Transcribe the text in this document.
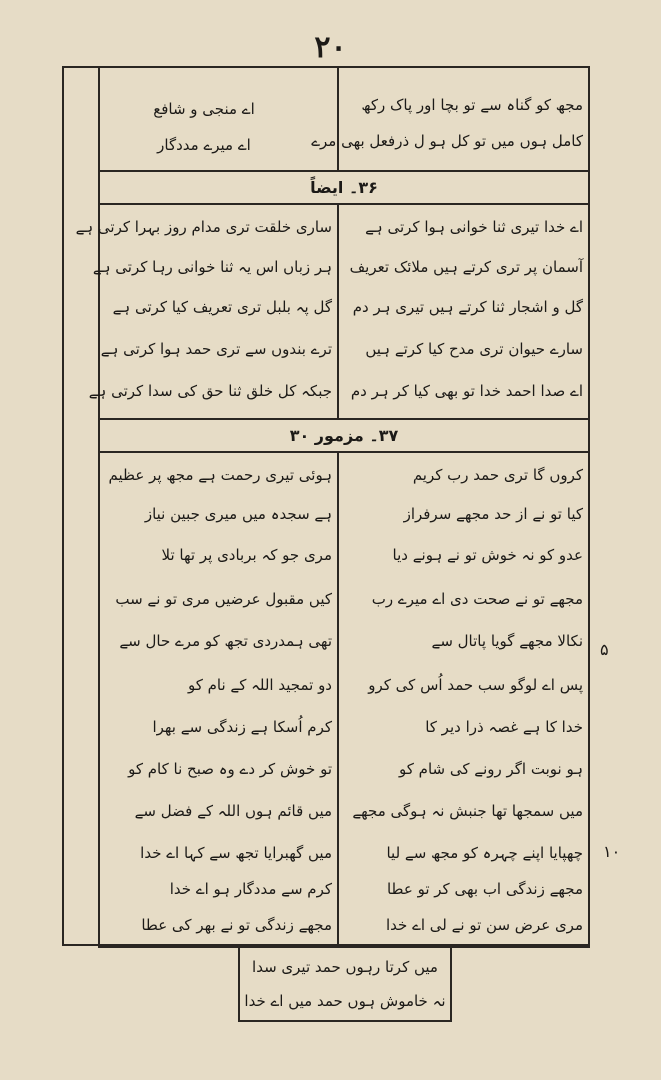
۲۰
۵
۱۰
مجھ کو گناہ سے تو بچا اور پاک رکھ
کامل ہوں میں تو کل ہو ل ذرفعل بھی مرے
اے منجی و شافع
اے میرے مددگار
۳۶۔ ایضاً
اے خدا تیری ثنا خوانی ہوا کرتی ہے
آسمان پر تری کرتے ہیں ملائک تعریف
گل و اشجار ثنا کرتے ہیں تیری ہر دم
سارے حیوان تری مدح کیا کرتے ہیں
اے صدا احمد خدا تو بھی کیا کر ہر دم
ساری خلقت تری مدام روز بہرا کرتی ہے
ہر زباں اس یہ ثنا خوانی رہا کرتی ہے
گل پہ بلبل تری تعریف کیا کرتی ہے
ترے بندوں سے تری حمد ہوا کرتی ہے
جبکہ کل خلق ثنا حق کی سدا کرتی ہے
۳۷۔ مزمور ۳۰
کروں گا تری حمد رب کریم
کیا تو نے از حد مجھے سرفراز
عدو کو نہ خوش تو نے ہونے دیا
مجھے تو نے صحت دی اے میرے رب
نکالا مجھے گویا پاتال سے
پس اے لوگو سب حمد اُس کی کرو
خدا کا ہے غصہ ذرا دیر کا
ہو نوبت اگر رونے کی شام کو
میں سمجھا تھا جنبش نہ ہوگی مجھے
چھپایا اپنے چہرہ کو مجھ سے لیا
مجھے زندگی اب بھی کر تو عطا
مری عرض سن تو نے لی اے خدا
ہوئی تیری رحمت ہے مجھ پر عظیم
ہے سجدہ میں میری جبین نیاز
مری جو کہ بربادی پر تھا تلا
کیں مقبول عرضیں مری تو نے سب
تھی ہمدردی تجھ کو مرے حال سے
دو تمجید اللہ کے نام کو
کرم اُسکا ہے زندگی سے بھرا
تو خوش کر دے وہ صبح نا کام کو
میں قائم ہوں اللہ کے فضل سے
میں گھبرایا تجھ سے کہا اے خدا
کرم سے مددگار ہو اے خدا
مجھے زندگی تو نے بھر کی عطا
میں کرتا رہوں حمد تیری سدا
نہ خاموش ہوں حمد میں اے خدا
